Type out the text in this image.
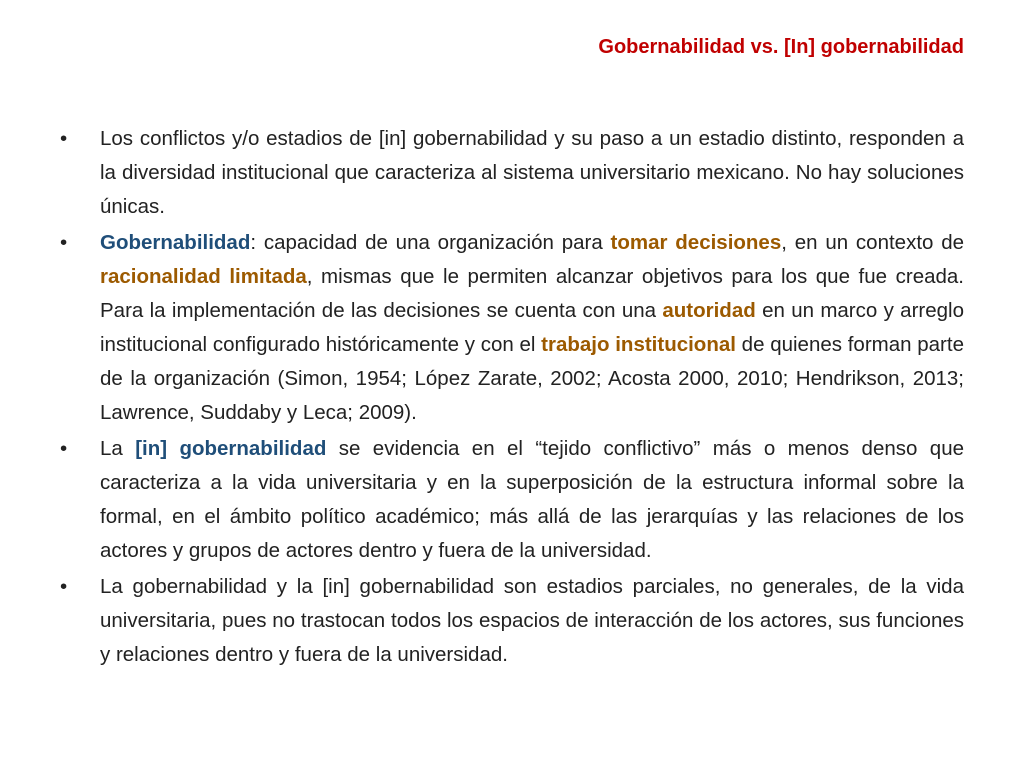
Gobernabilidad vs. [In] gobernabilidad
•	Los conflictos y/o estadios de [in] gobernabilidad y su paso a un estadio distinto, responden a la diversidad institucional que caracteriza al sistema universitario mexicano. No hay soluciones únicas.
•	Gobernabilidad: capacidad de una organización para tomar decisiones, en un contexto de racionalidad limitada, mismas que le permiten alcanzar objetivos para los que fue creada. Para la implementación de las decisiones se cuenta con una autoridad en un marco y arreglo institucional configurado históricamente y con el trabajo institucional de quienes forman parte de la organización (Simon, 1954; López Zarate, 2002; Acosta 2000, 2010; Hendrikson, 2013; Lawrence, Suddaby y Leca; 2009).
•	La [in] gobernabilidad se evidencia en el “tejido conflictivo” más o menos denso que caracteriza a la vida universitaria y en la superposición de la estructura informal sobre la formal, en el ámbito político académico; más allá de las jerarquías y las relaciones de los actores y grupos de actores dentro y fuera de la universidad.
•	La gobernabilidad y la [in] gobernabilidad son estadios parciales, no generales, de la vida universitaria, pues no trastocan todos los espacios de interacción de los actores, sus funciones y relaciones dentro y fuera de la universidad.
